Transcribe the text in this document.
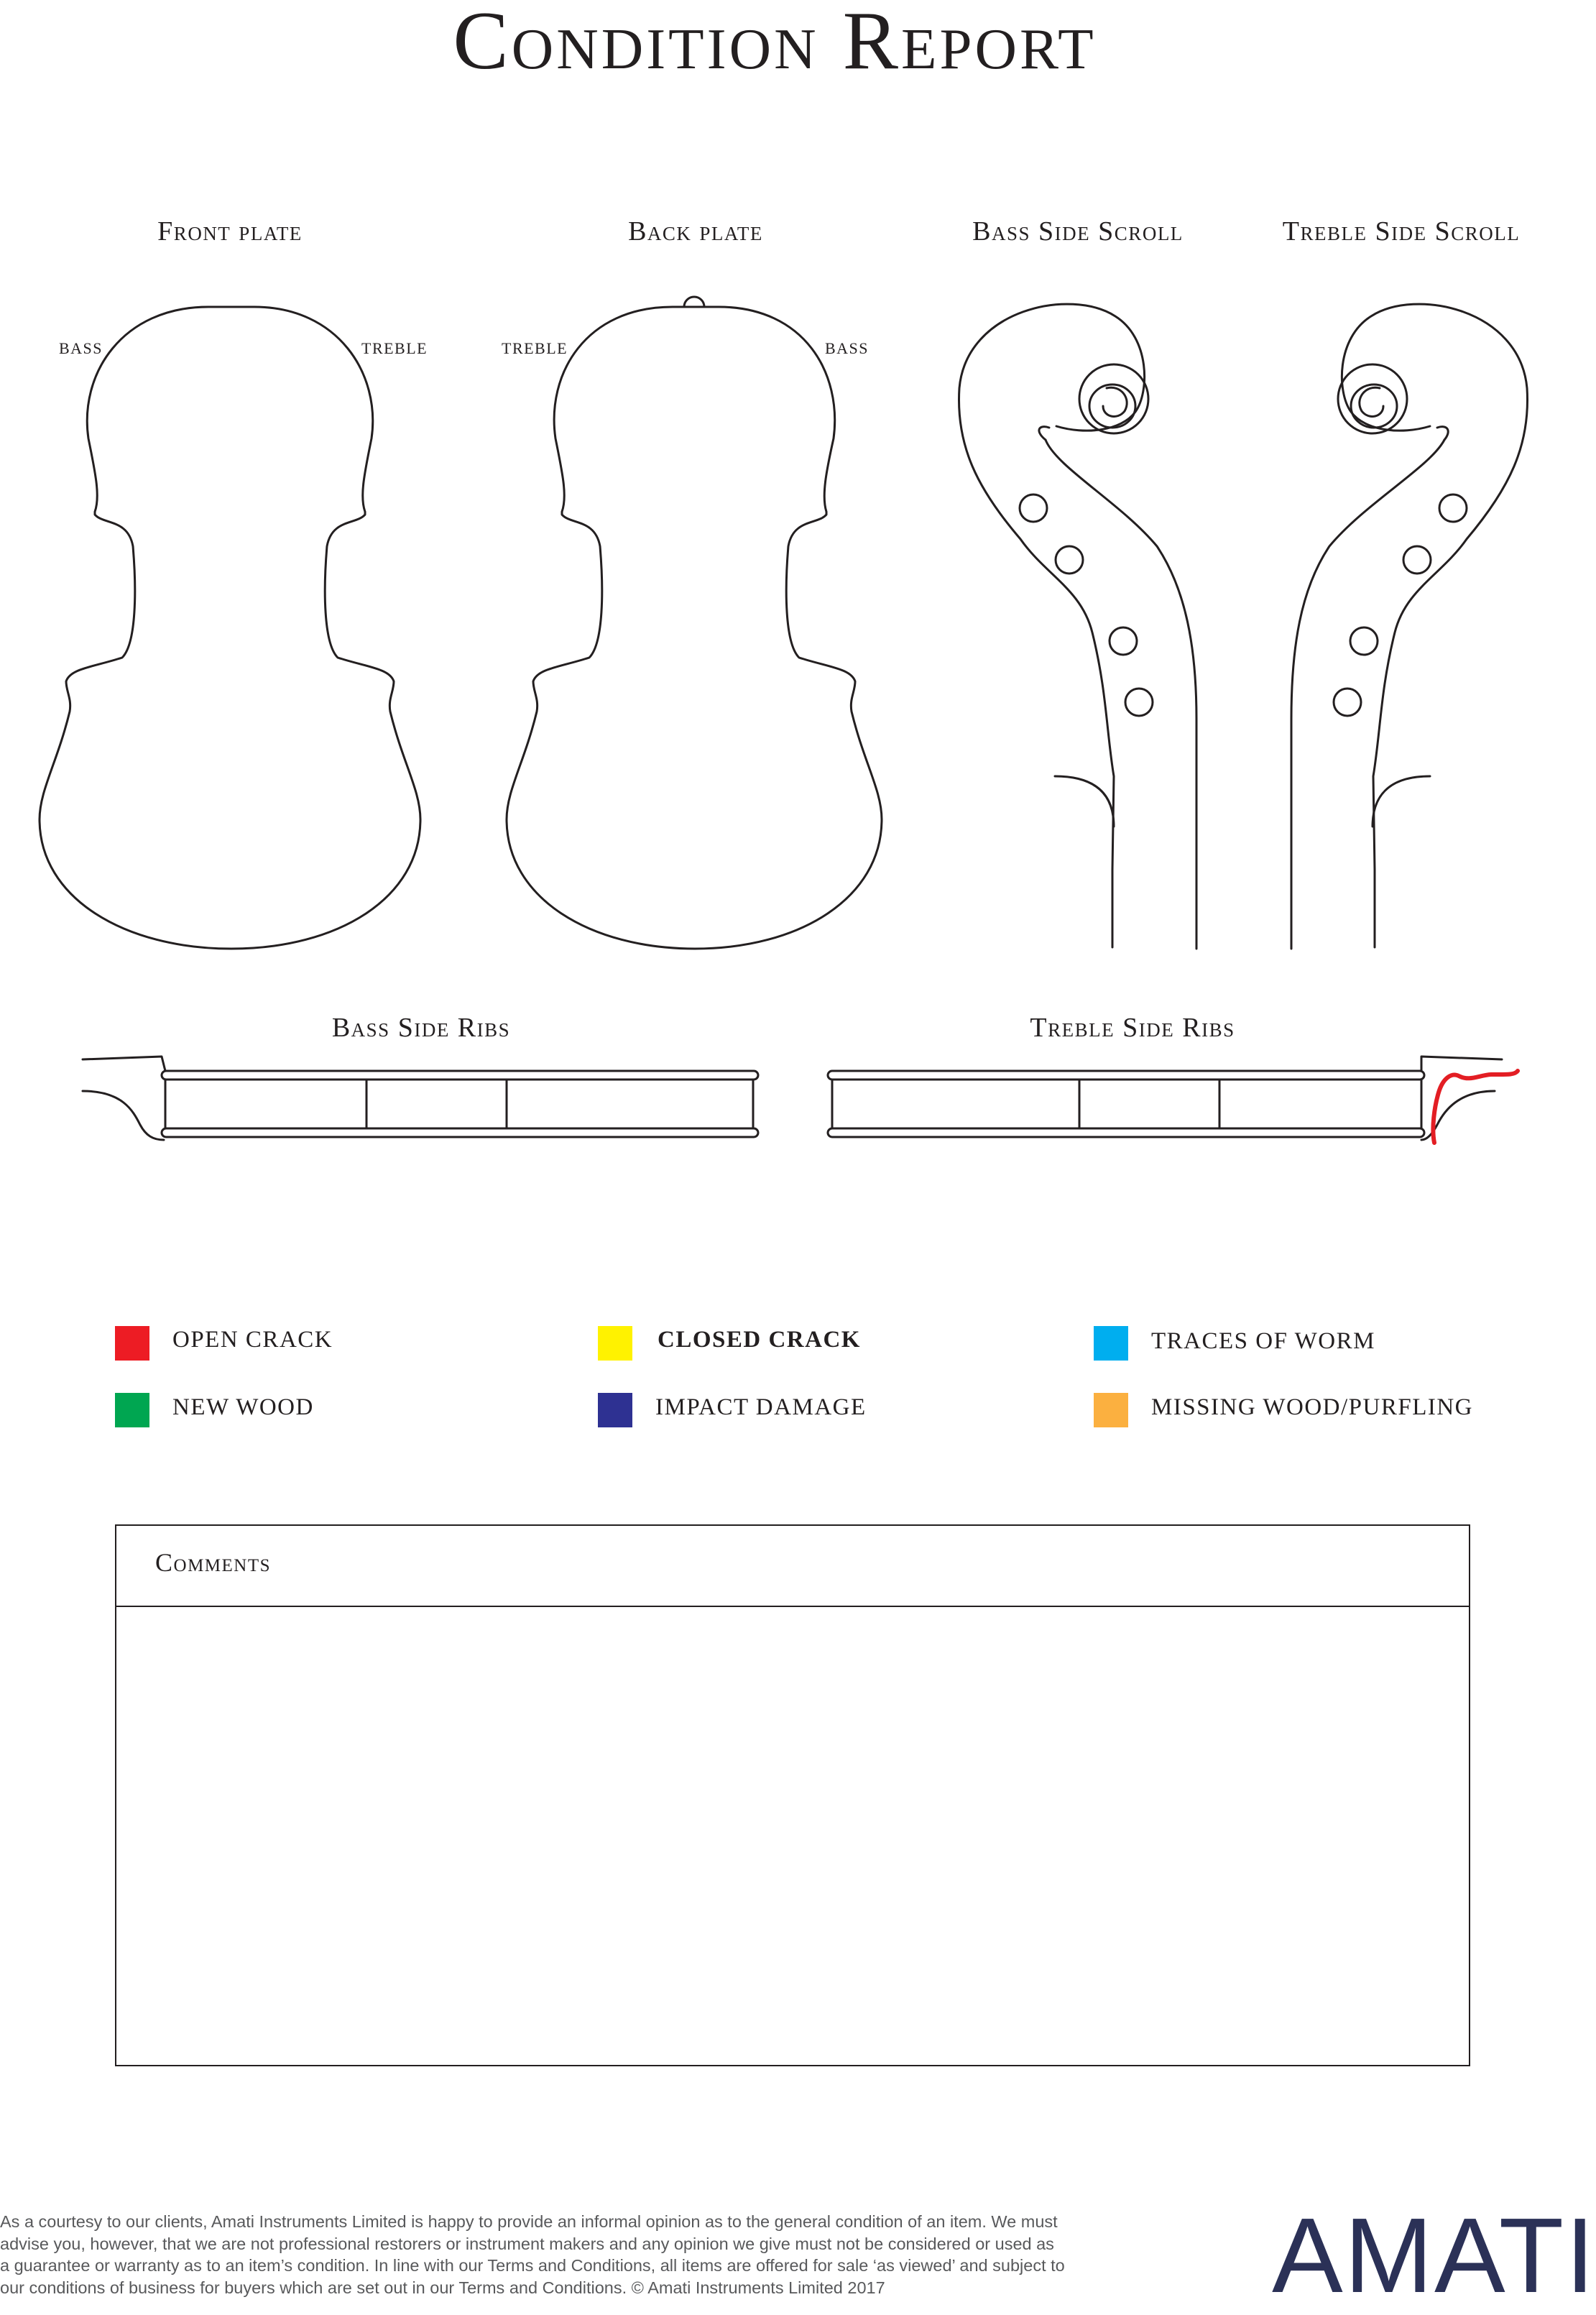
Condition Report
Front plate	Back plate	Bass Side Scroll	Treble Side Scroll
BASS	TREBLE	TREBLE	BASS
Bass Side Ribs	Treble Side Ribs
OPEN CRACK	CLOSED CRACK	TRACES OF WORM
NEW WOOD	IMPACT DAMAGE	MISSING WOOD/PURFLING
Comments
As a courtesy to our clients, Amati Instruments Limited is happy to provide an informal opinion as to the general condition of an item. We must
advise you, however, that we are not professional restorers or instrument makers and any opinion we give must not be considered or used as
a guarantee or warranty as to an item’s condition. In line with our Terms and Conditions, all items are offered for sale ‘as viewed’ and subject to
our conditions of business for buyers which are set out in our Terms and Conditions. © Amati Instruments Limited 2017	AMATI
